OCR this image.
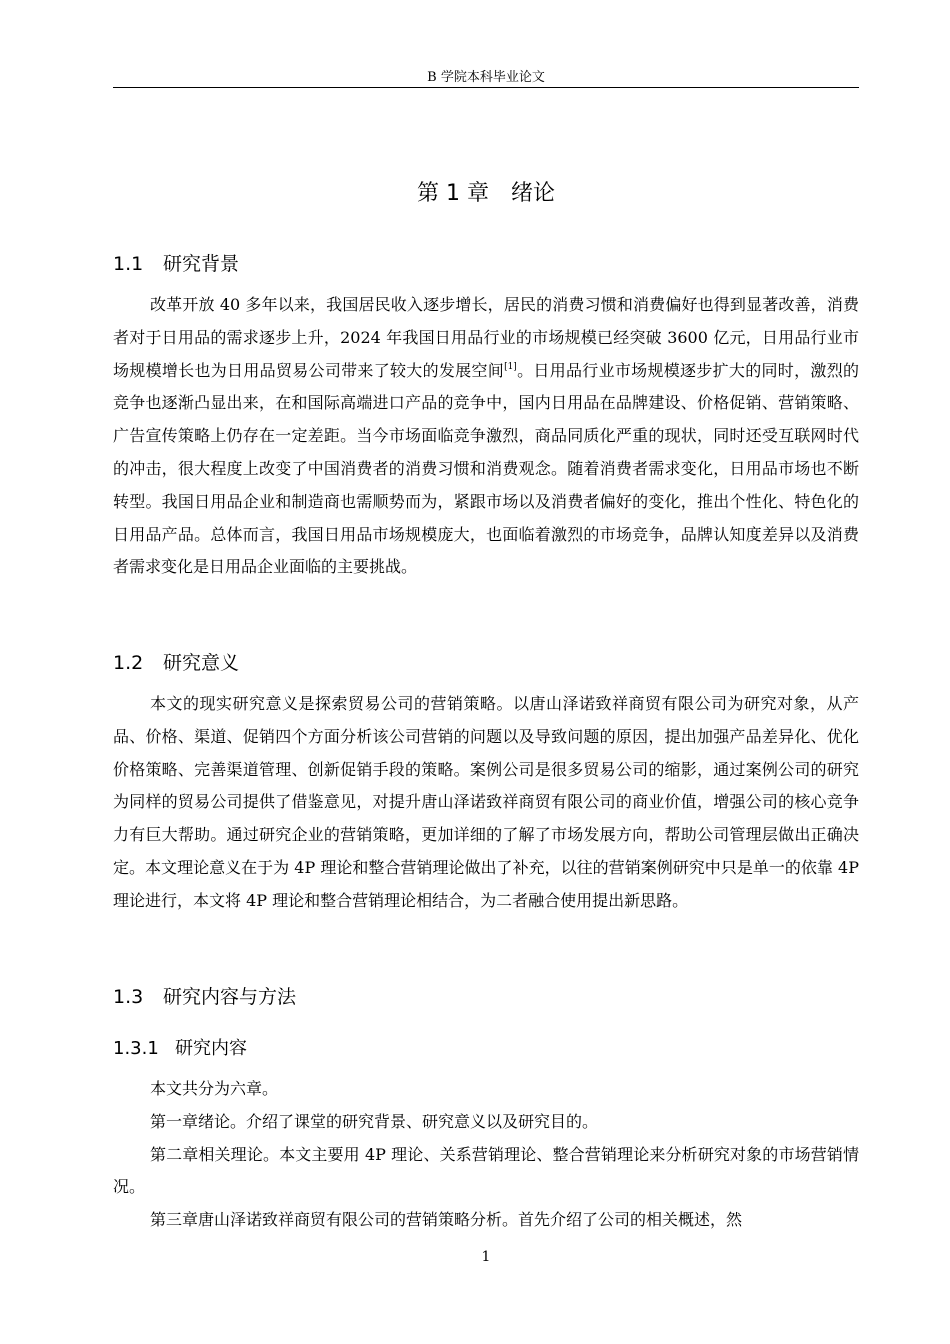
B 学院本科毕业论文
第 1 章 绪论
1.1 研究背景

改革开放 40 多年以来，我国居民收入逐步增长，居民的消费习惯和消费偏好也得到显著改善，消费者对于日用品的需求逐步上升，2024 年我国日用品行业的市场规模已经突破 3600 亿元，日用品行业市场规模增长也为日用品贸易公司带来了较大的发展空间[1]。日用品行业市场规模逐步扩大的同时，激烈的竞争也逐渐凸显出来，在和国际高端进口产品的竞争中，国内日用品在品牌建设、价格促销、营销策略、广告宣传策略上仍存在一定差距。当今市场面临竞争激烈，商品同质化严重的现状，同时还受互联网时代的冲击，很大程度上改变了中国消费者的消费习惯和消费观念。随着消费者需求变化，日用品市场也不断转型。我国日用品企业和制造商也需顺势而为，紧跟市场以及消费者偏好的变化，推出个性化、特色化的日用品产品。总体而言，我国日用品市场规模庞大，也面临着激烈的市场竞争，品牌认知度差异以及消费者需求变化是日用品企业面临的主要挑战。

1.2 研究意义

本文的现实研究意义是探索贸易公司的营销策略。以唐山泽诺致祥商贸有限公司为研究对象，从产品、价格、渠道、促销四个方面分析该公司营销的问题以及导致问题的原因，提出加强产品差异化、优化价格策略、完善渠道管理、创新促销手段的策略。案例公司是很多贸易公司的缩影，通过案例公司的研究为同样的贸易公司提供了借鉴意见，对提升唐山泽诺致祥商贸有限公司的商业价值，增强公司的核心竞争力有巨大帮助。通过研究企业的营销策略，更加详细的了解了市场发展方向，帮助公司管理层做出正确决定。本文理论意义在于为 4P 理论和整合营销理论做出了补充，以往的营销案例研究中只是单一的依靠 4P 理论进行，本文将 4P 理论和整合营销理论相结合，为二者融合使用提出新思路。

1.3 研究内容与方法
1.3.1 研究内容

本文共分为六章。

第一章绪论。介绍了课堂的研究背景、研究意义以及研究目的。

第二章相关理论。本文主要用 4P 理论、关系营销理论、整合营销理论来分析研究对象的市场营销情况。

第三章唐山泽诺致祥商贸有限公司的营销策略分析。首先介绍了公司的相关概述，然

1
